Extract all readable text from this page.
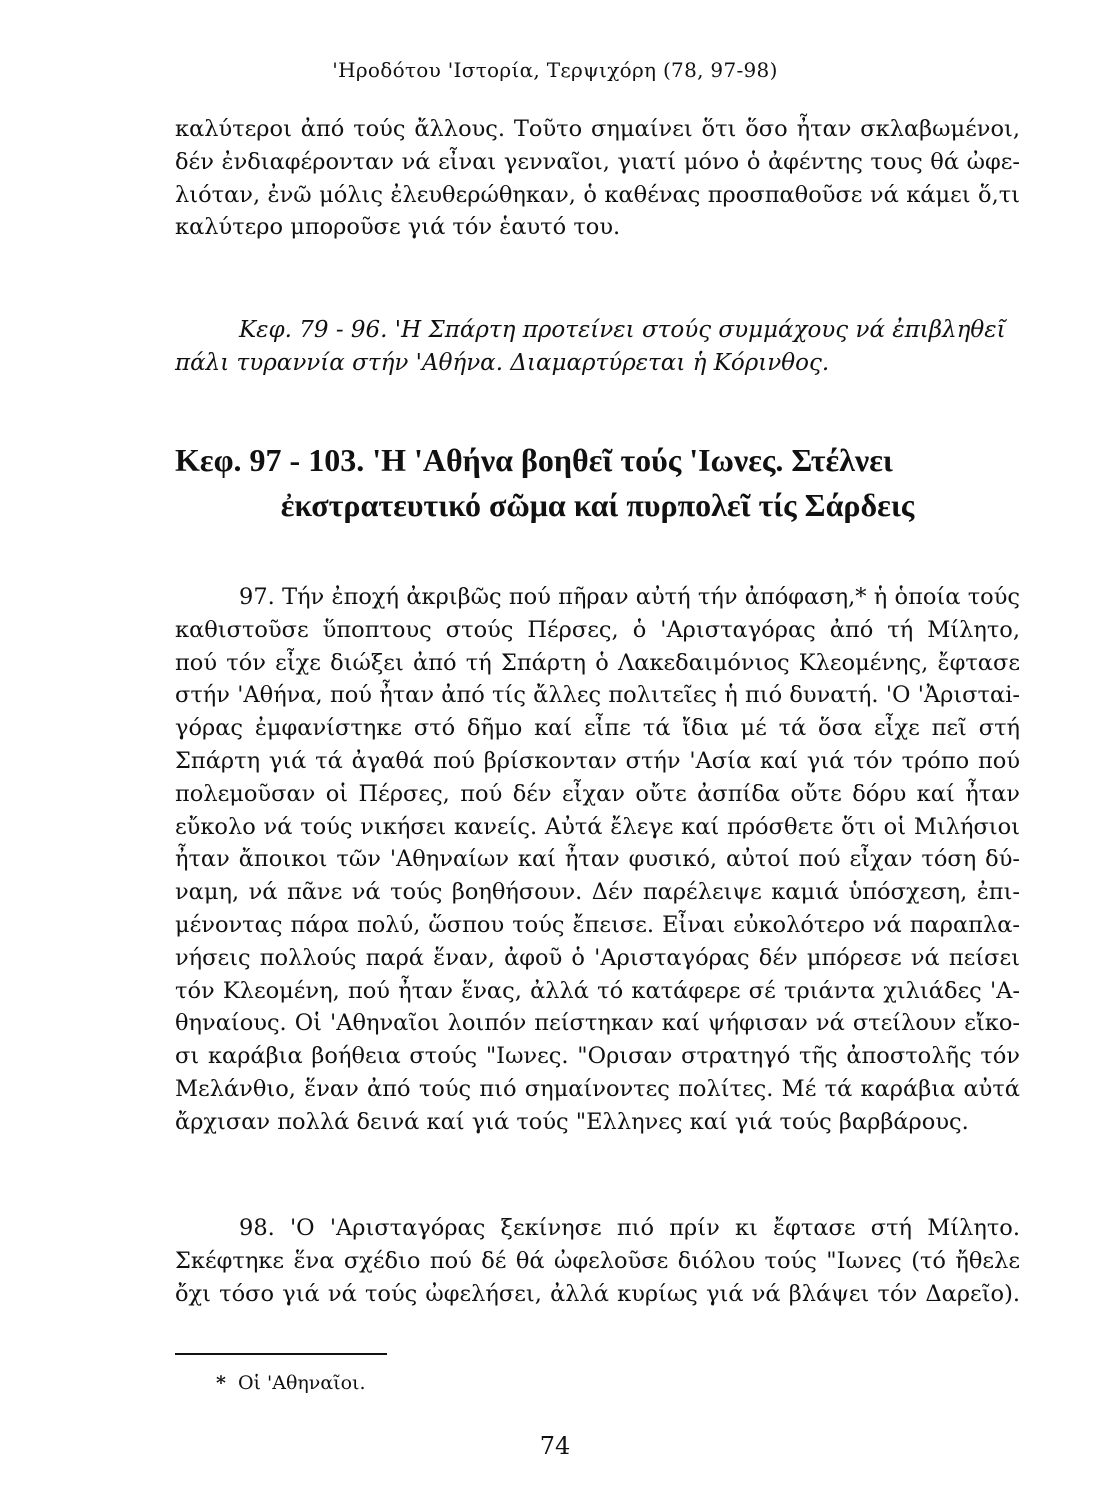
'Ηροδότου 'Ιστορία, Τερψιχόρη (78, 97-98)
καλύτεροι ἀπό τούς ἄλλους. Τοῦτο σημαίνει ὅτι ὅσο ἦταν σκλαβωμένοι,
δέν ἐνδιαφέρονταν νά εἶναι γενναῖοι, γιατί μόνο ὁ ἀφέντης τους θά ὠφε-
λιόταν, ἐνῶ μόλις ἐλευθερώθηκαν, ὁ καθένας προσπαθοῦσε νά κάμει ὅ,τι
καλύτερο μποροῦσε γιά τόν ἑαυτό του.
Κεφ. 79 - 96. 'Η Σπάρτη προτείνει στούς συμμάχους νά ἐπιβληθεῖ
πάλι τυραννία στήν 'Αθήνα. Διαμαρτύρεται ἡ Κόρινθος.
Κεφ. 97 - 103. 'Η 'Αθήνα βοηθεῖ τούς 'Ιωνες. Στέλνει
ἐκστρατευτικό σῶμα καί πυρπολεῖ τίς Σάρδεις
97. Τήν ἐποχή ἀκριβῶς πού πῆραν αὐτή τήν ἀπόφαση,* ἡ ὁποία τούς
καθιστοῦσε ὕποπτους στούς Πέρσες, ὁ 'Αρισταγόρας ἀπό τή Μίλητο,
πού τόν εἶχε διώξει ἀπό τή Σπάρτη ὁ Λακεδαιμόνιος Κλεομένης, ἔφτασε
στήν 'Αθήνα, πού ἦταν ἀπό τίς ἄλλες πολιτεῖες ἡ πιό δυνατή. 'Ο 'Ἀρισταi-
γόρας ἐμφανίστηκε στό δῆμο καί εἶπε τά ἴδια μέ τά ὅσα εἶχε πεῖ στή
Σπάρτη γιά τά ἀγαθά πού βρίσκονταν στήν 'Ασία καί γιά τόν τρόπο πού
πολεμοῦσαν οἱ Πέρσες, πού δέν εἶχαν οὔτε ἀσπίδα οὔτε δόρυ καί ἦταν
εὔκολο νά τούς νικήσει κανείς. Αὐτά ἔλεγε καί πρόσθετε ὅτι οἱ Μιλήσιοι
ἦταν ἄποικοι τῶν 'Αθηναίων καί ἦταν φυσικό, αὐτοί πού εἶχαν τόση δύ-
ναμη, νά πᾶνε νά τούς βοηθήσουν. Δέν παρέλειψε καμιά ὑπόσχεση, ἐπι-
μένοντας πάρα πολύ, ὥσπου τούς ἔπεισε. Εἶναι εὐκολότερο νά παραπλα-
νήσεις πολλούς παρά ἕναν, ἀφοῦ ὁ 'Αρισταγόρας δέν μπόρεσε νά πείσει
τόν Κλεομένη, πού ἦταν ἕνας, ἀλλά τό κατάφερε σέ τριάντα χιλιάδες 'Α-
θηναίους. Οἱ 'Αθηναῖοι λοιπόν πείστηκαν καί ψήφισαν νά στείλουν εἴκο-
σι καράβια βοήθεια στούς "Ιωνες. "Ορισαν στρατηγό τῆς ἀποστολῆς τόν
Μελάνθιο, ἕναν ἀπό τούς πιό σημαίνοντες πολίτες. Μέ τά καράβια αὐτά
ἄρχισαν πολλά δεινά καί γιά τούς "Ελληνες καί γιά τούς βαρβάρους.
98. 'Ο 'Αρισταγόρας ξεκίνησε πιό πρίν κι ἔφτασε στή Μίλητο.
Σκέφτηκε ἕνα σχέδιο πού δέ θά ὠφελοῦσε διόλου τούς "Ιωνες (τό ἤθελε
ὄχι τόσο γιά νά τούς ὠφελήσει, ἀλλά κυρίως γιά νά βλάψει τόν Δαρεῖο).
* Οἱ 'Αθηναῖοι.
74
